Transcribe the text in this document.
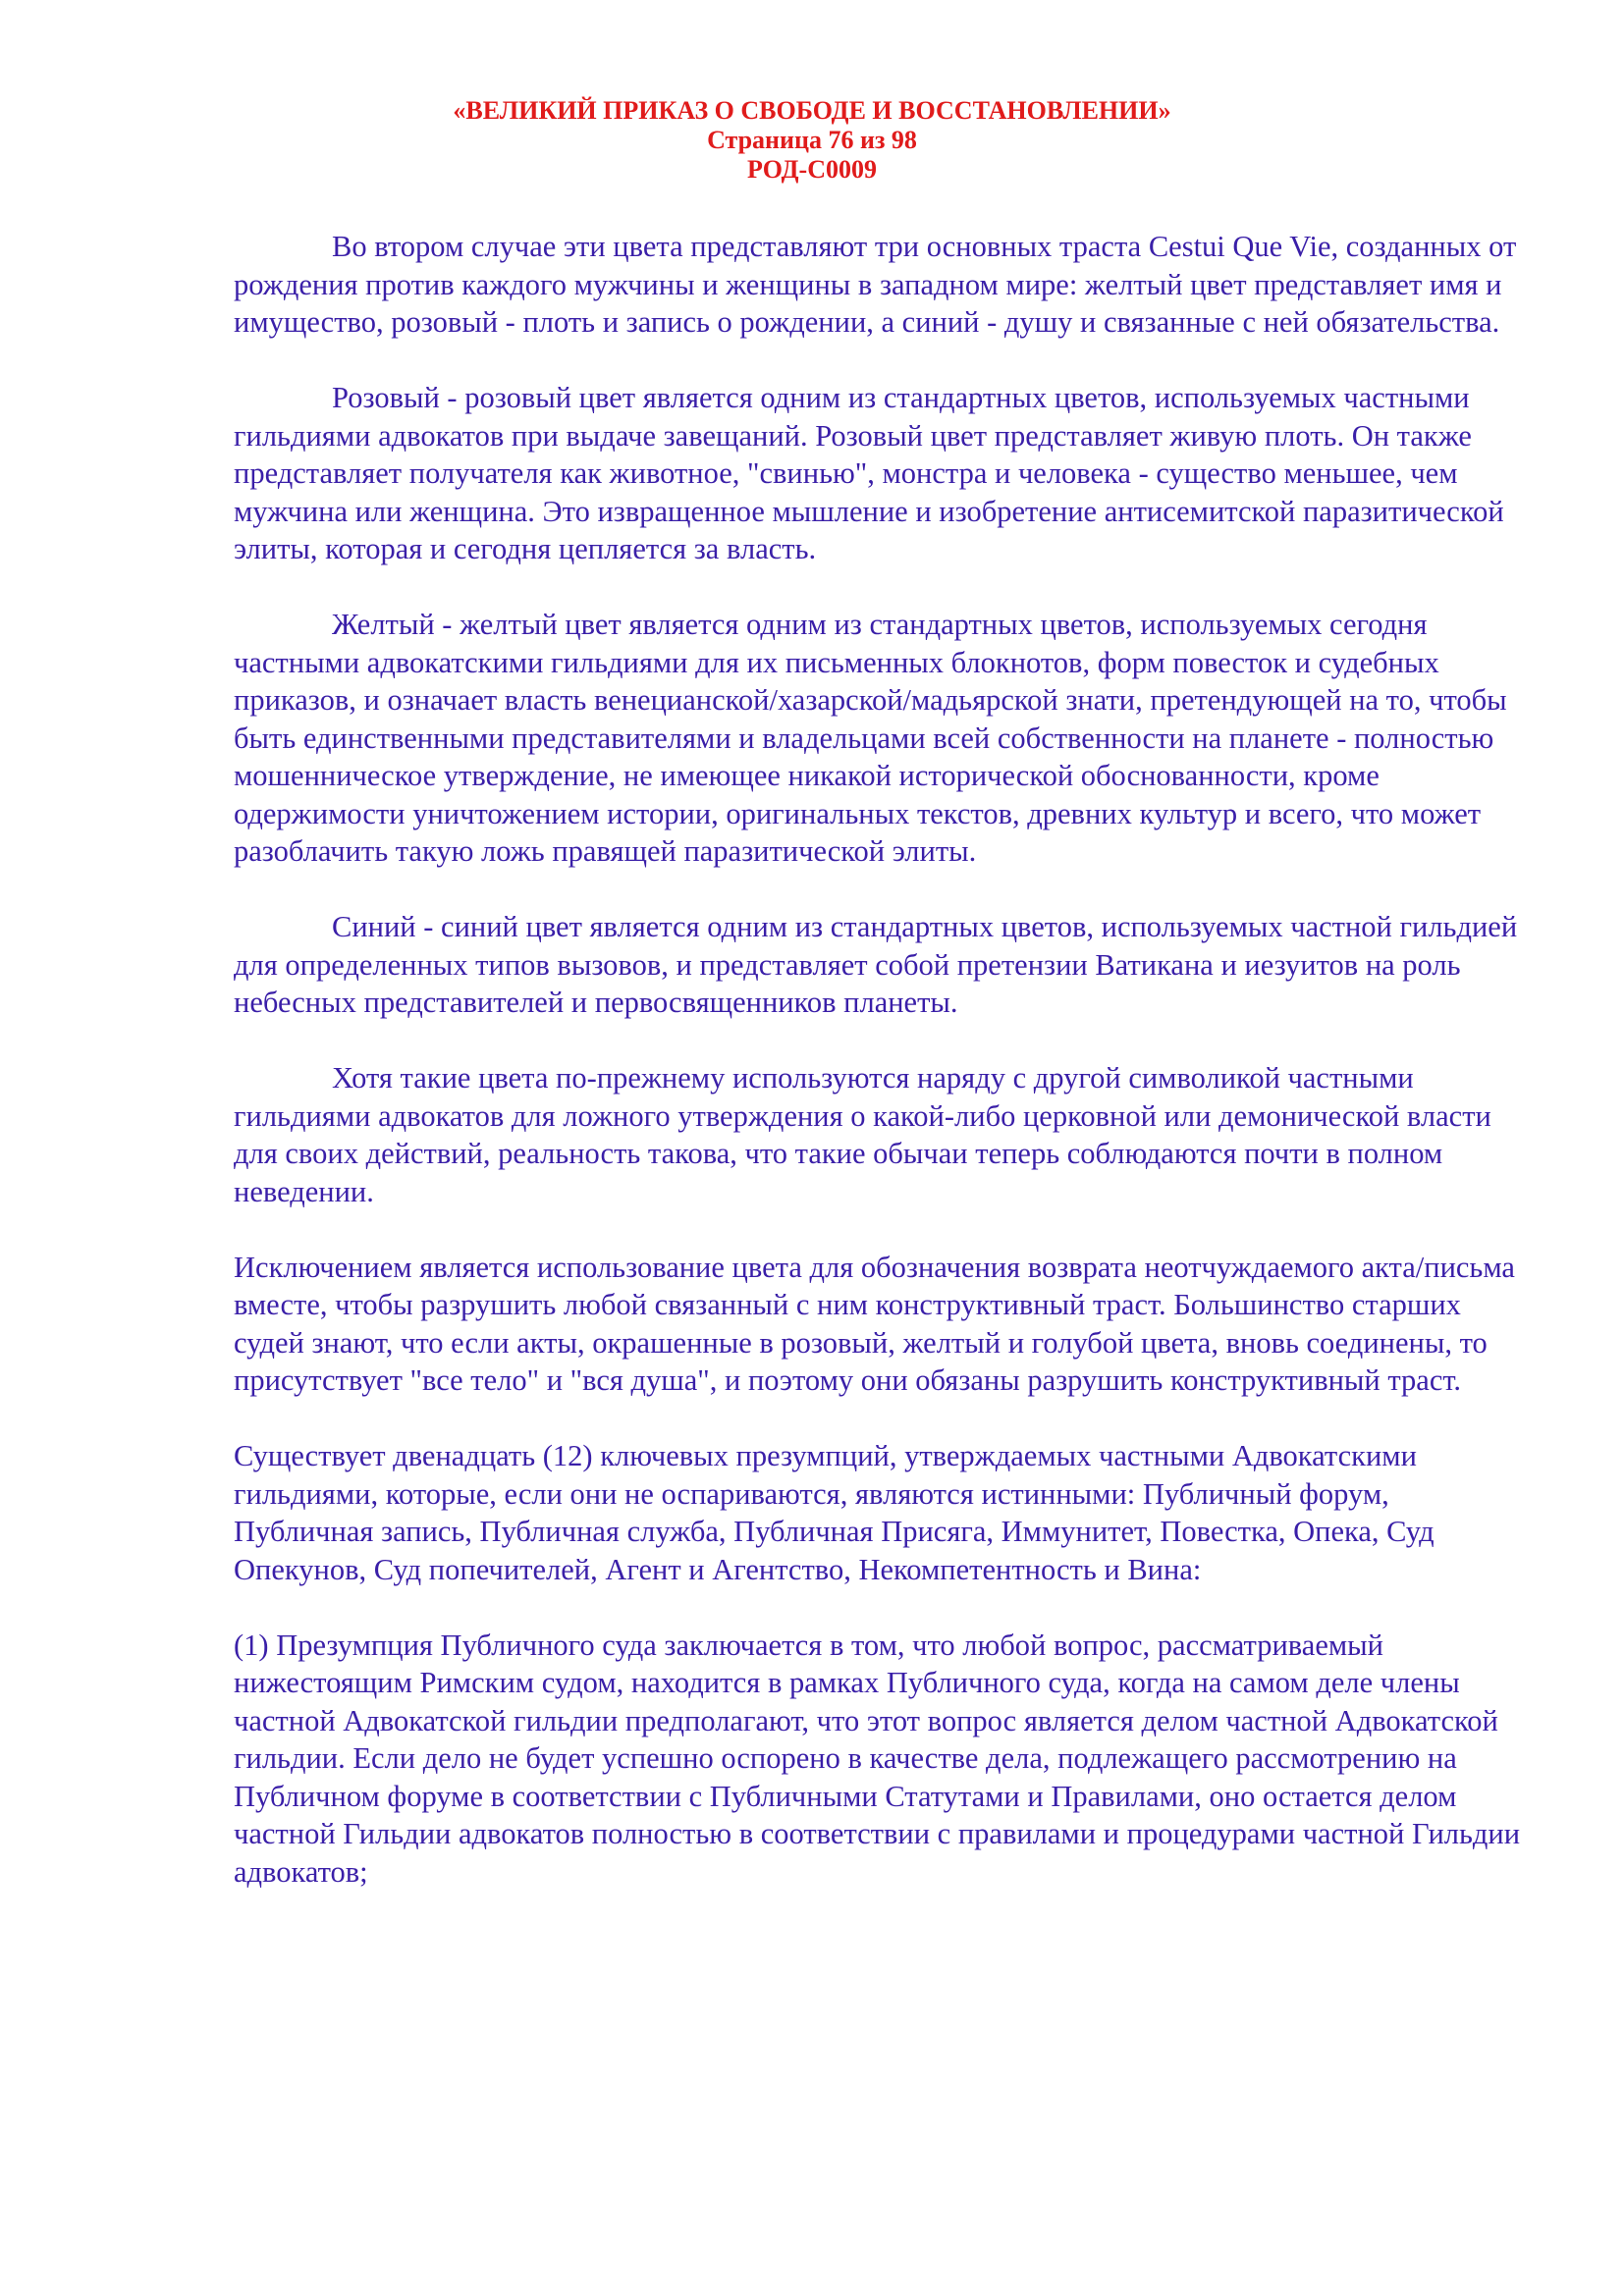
«ВЕЛИКИЙ ПРИКАЗ О СВОБОДЕ И ВОССТАНОВЛЕНИИ»
Страница 76 из 98
РОД-C0009

Во втором случае эти цвета представляют три основных траста Cestui Que Vie, созданных от рождения против каждого мужчины и женщины в западном мире: желтый цвет представляет имя и имущество, розовый - плоть и запись о рождении, а синий - душу и связанные с ней обязательства.

Розовый - розовый цвет является одним из стандартных цветов, используемых частными гильдиями адвокатов при выдаче завещаний. Розовый цвет представляет живую плоть. Он также представляет получателя как животное, "свинью", монстра и человека - существо меньшее, чем мужчина или женщина. Это извращенное мышление и изобретение антисемитской паразитической элиты, которая и сегодня цепляется за власть.

Желтый - желтый цвет является одним из стандартных цветов, используемых сегодня частными адвокатскими гильдиями для их письменных блокнотов, форм повесток и судебных приказов, и означает власть венецианской/хазарской/мадьярской знати, претендующей на то, чтобы быть единственными представителями и владельцами всей собственности на планете - полностью мошенническое утверждение, не имеющее никакой исторической обоснованности, кроме одержимости уничтожением истории, оригинальных текстов, древних культур и всего, что может разоблачить такую ложь правящей паразитической элиты.

Синий - синий цвет является одним из стандартных цветов, используемых частной гильдией для определенных типов вызовов, и представляет собой претензии Ватикана и иезуитов на роль небесных представителей и первосвященников планеты.

Хотя такие цвета по-прежнему используются наряду с другой символикой частными гильдиями адвокатов для ложного утверждения о какой-либо церковной или демонической власти для своих действий, реальность такова, что такие обычаи теперь соблюдаются почти в полном неведении.

Исключением является использование цвета для обозначения возврата неотчуждаемого акта/письма вместе, чтобы разрушить любой связанный с ним конструктивный траст. Большинство старших судей знают, что если акты, окрашенные в розовый, желтый и голубой цвета, вновь соединены, то присутствует "все тело" и "вся душа", и поэтому они обязаны разрушить конструктивный траст.

Существует двенадцать (12) ключевых презумпций, утверждаемых частными Адвокатскими гильдиями, которые, если они не оспариваются, являются истинными: Публичный форум, Публичная запись, Публичная служба, Публичная Присяга, Иммунитет, Повестка, Опека, Суд Опекунов, Суд попечителей, Агент и Агентство, Некомпетентность и Вина:

(1) Презумпция Публичного суда заключается в том, что любой вопрос, рассматриваемый нижестоящим Римским судом, находится в рамках Публичного суда, когда на самом деле члены частной Адвокатской гильдии предполагают, что этот вопрос является делом частной Адвокатской гильдии. Если дело не будет успешно оспорено в качестве дела, подлежащего рассмотрению на Публичном форуме в соответствии с Публичными Статутами и Правилами, оно остается делом частной Гильдии адвокатов полностью в соответствии с правилами и процедурами частной Гильдии адвокатов;
